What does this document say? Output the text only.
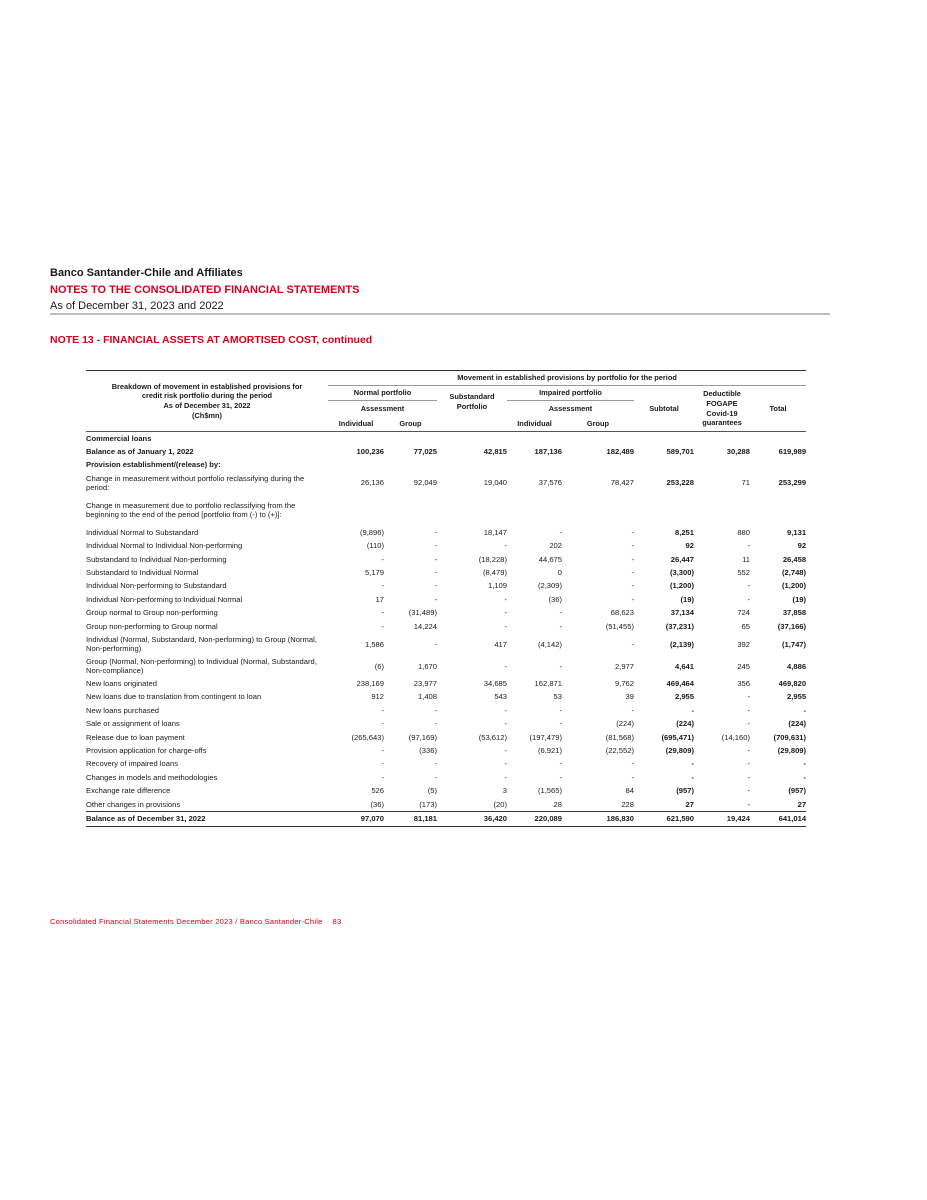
Banco Santander-Chile and Affiliates
NOTES TO THE CONSOLIDATED FINANCIAL STATEMENTS
As of December 31, 2023 and 2022
NOTE 13 - FINANCIAL ASSETS AT AMORTISED COST, continued
Breakdown of movement in established provisions for
credit risk portfolio during the period
As of December 31, 2022
(Ch$mn)	Movement in established provisions by portfolio for the period							
	Normal portfolio		Substandard Portfolio	Impaired portfolio		Subtotal	Deductible FOGAPE Covid-19 guarantees	Total
	Assessment			Assessment				
	Individual	Group		Individual	Group			
Commercial loans								
Balance as of January 1, 2022	100,236	77,025	42,815	187,136	182,489	589,701	30,288	619,989
Provision establishment/(release) by:								
Change in measurement without portfolio reclassifying during the period:	26,136	92,049	19,040	37,576	78,427	253,228	71	253,299
Change in measurement due to portfolio reclassifying from the beginning to the end of the period [portfolio from (-) to (+)]:								
Individual Normal to Substandard	(9,896)	-	18,147	-	-	8,251	880	9,131
Individual Normal to Individual Non-performing	(110)	-	-	202	-	92	-	92
Substandard to Individual Non-performing	-	-	(18,228)	44,675	-	26,447	11	26,458
Substandard to Individual Normal	5,179	-	(8,479)	0	-	(3,300)	552	(2,748)
Individual Non-performing to Substandard	-	-	1,109	(2,309)	-	(1,200)	-	(1,200)
Individual Non-performing to Individual Normal	17	-	-	(36)	-	(19)	-	(19)
Group normal to Group non-performing	-	(31,489)	-	-	68,623	37,134	724	37,858
Group non-performing to Group normal	-	14,224	-	-	(51,455)	(37,231)	65	(37,166)
Individual (Normal, Substandard, Non-performing) to Group (Normal, Non-performing)	1,586	-	417	(4,142)	-	(2,139)	392	(1,747)
Group (Normal, Non-performing) to Individual (Normal, Substandard, Non-compliance)	(6)	1,670	-	-	2,977	4,641	245	4,886
New loans originated	238,169	23,977	34,685	162,871	9,762	469,464	356	469,820
New loans due to translation from contingent to loan	912	1,408	543	53	39	2,955	-	2,955
New loans purchased	-	-	-	-	-	-	-	-
Sale or assignment of loans	-	-	-	-	(224)	(224)	-	(224)
Release due to loan payment	(265,643)	(97,169)	(53,612)	(197,479)	(81,568)	(695,471)	(14,160)	(709,631)
Provision application for charge-offs	-	(336)	-	(6,921)	(22,552)	(29,809)	-	(29,809)
Recovery of impaired loans	-	-	-	-	-	-	-	-
Changes in models and methodologies	-	-	-	-	-	-	-	-
Exchange rate difference	526	(5)	3	(1,565)	84	(957)	-	(957)
Other changes in provisions	(36)	(173)	(20)	28	228	27	-	27
Balance as of December 31, 2022	97,070	81,181	36,420	220,089	186,830	621,590	19,424	641,014
Consolidated Financial Statements December 2023 / Banco Santander-Chile 83
